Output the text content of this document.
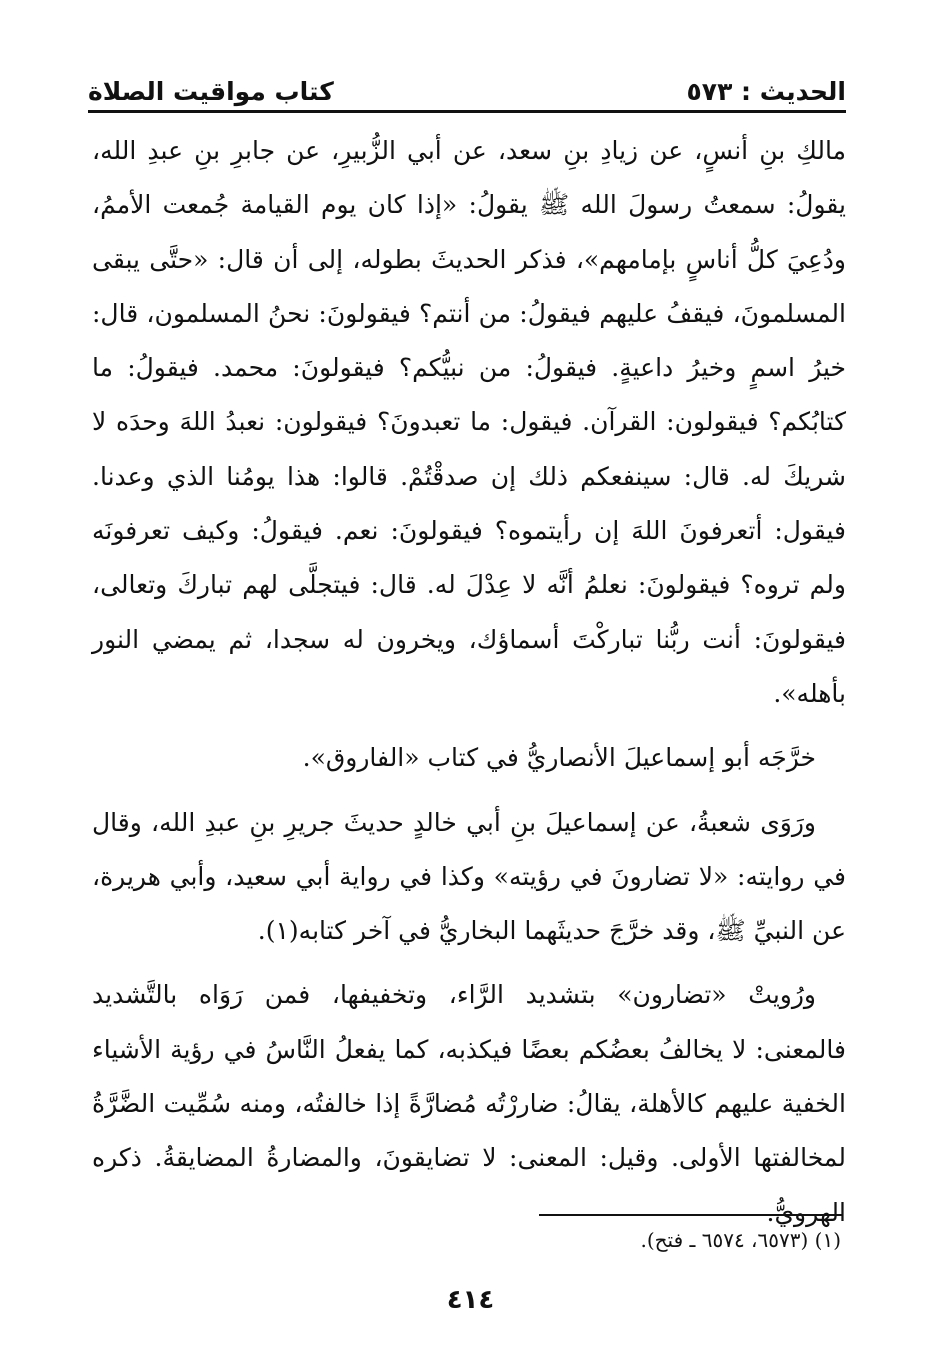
الحديث : ٥٧٣
كتاب مواقيت الصلاة

مالكِ بنِ أنسٍ، عن زيادِ بنِ سعد، عن أبي الزُّبيرِ، عن جابرِ بنِ عبدِ الله، يقولُ: سمعتُ رسولَ الله ﷺ يقولُ: «إذا كان يوم القيامة جُمعت الأممُ، ودُعِيَ كلُّ أناسٍ بإمامهم»، فذكر الحديثَ بطوله، إلى أن قال: «حتَّى يبقى المسلمونَ، فيقفُ عليهم فيقولُ: من أنتم؟ فيقولونَ: نحنُ المسلمون، قال: خيرُ اسمٍ وخيرُ داعيةٍ. فيقولُ: من نبيُّكم؟ فيقولونَ: محمد. فيقولُ: ما كتابُكم؟ فيقولون: القرآن. فيقول: ما تعبدونَ؟ فيقولون: نعبدُ اللهَ وحدَه لا شريكَ له. قال: سينفعكم ذلك إن صدقْتُمْ. قالوا: هذا يومُنا الذي وعدنا. فيقول: أتعرفونَ اللهَ إن رأيتموه؟ فيقولونَ: نعم. فيقولُ: وكيف تعرفونَه ولم تروه؟ فيقولونَ: نعلمُ أنَّه لا عِدْلَ له. قال: فيتجلَّى لهم تباركَ وتعالى، فيقولونَ: أنت ربُّنا تباركْتَ أسماؤك، ويخرون له سجدا، ثم يمضي النور بأهله».

خرَّجَه أبو إسماعيلَ الأنصاريُّ في كتاب «الفاروق».

ورَوَى شعبةُ، عن إسماعيلَ بنِ أبي خالدٍ حديثَ جريرِ بنِ عبدِ الله، وقال في روايته: «لا تضارونَ في رؤيته» وكذا في رواية أبي سعيد، وأبي هريرة، عن النبيِّ ﷺ، وقد خرَّجَ حديثَهما البخاريُّ في آخر كتابه(١).

ورُويتْ «تضارون» بتشديد الرَّاء، وتخفيفها، فمن رَوَاه بالتَّشديد فالمعنى: لا يخالفُ بعضُكم بعضًا فيكذبه، كما يفعلُ النَّاسُ في رؤية الأشياء الخفية عليهم كالأهلة، يقالُ: ضاررْتُه مُضارَّةً إذا خالفتُه، ومنه سُمِّيت الضَّرَّةُ لمخالفتها الأولى. وقيل: المعنى: لا تضايقونَ، والمضارةُ المضايقةُ. ذكره الهرويُّ.

(١) (٦٥٧٣، ٦٥٧٤ ـ فتح).
٤١٤
